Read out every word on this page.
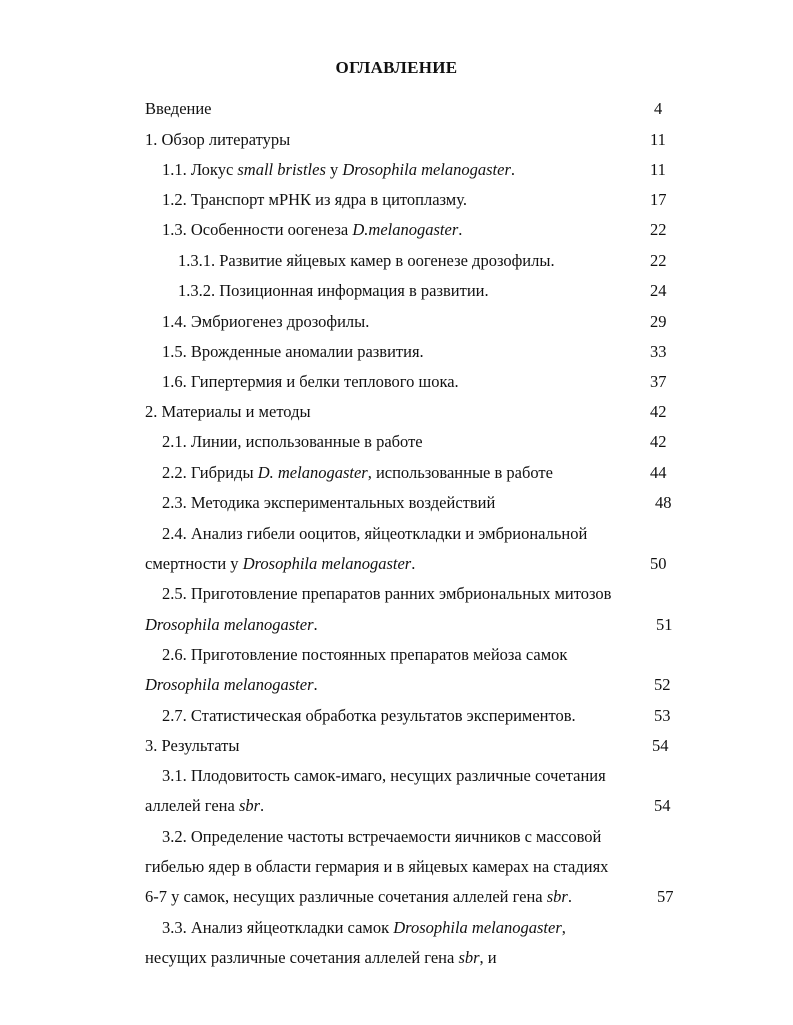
ОГЛАВЛЕНИЕ
Введение	4
1. Обзор литературы	11
1.1. Локус small bristles у Drosophila melanogaster.	11
1.2. Транспорт мРНК из ядра в цитоплазму.	17
1.3. Особенности оогенеза D.melanogaster.	22
1.3.1. Развитие яйцевых камер в оогенезе дрозофилы.	22
1.3.2. Позиционная информация в развитии.	24
1.4. Эмбриогенез дрозофилы.	29
1.5. Врожденные аномалии развития.	33
1.6. Гипертермия и белки теплового шока.	37
2. Материалы и методы	42
2.1. Линии, использованные в работе	42
2.2. Гибриды D. melanogaster, использованные в работе	44
2.3. Методика экспериментальных воздействий	48
2.4. Анализ гибели ооцитов, яйцеоткладки и эмбриональной
смертности у Drosophila melanogaster.	50
2.5. Приготовление препаратов ранних эмбриональных митозов
Drosophila melanogaster.	51
2.6. Приготовление постоянных препаратов мейоза самок
Drosophila melanogaster.	52
2.7. Статистическая обработка результатов экспериментов.	53
3. Результаты	54
3.1. Плодовитость самок-имаго, несущих различные сочетания
аллелей гена sbr.	54
3.2. Определение частоты встречаемости яичников с массовой
гибелью ядер в области гермария и в яйцевых камерах на стадиях
6-7 у самок, несущих различные сочетания аллелей гена sbr.	57
3.3. Анализ яйцеоткладки самок Drosophila melanogaster,
несущих различные сочетания аллелей гена sbr, и
